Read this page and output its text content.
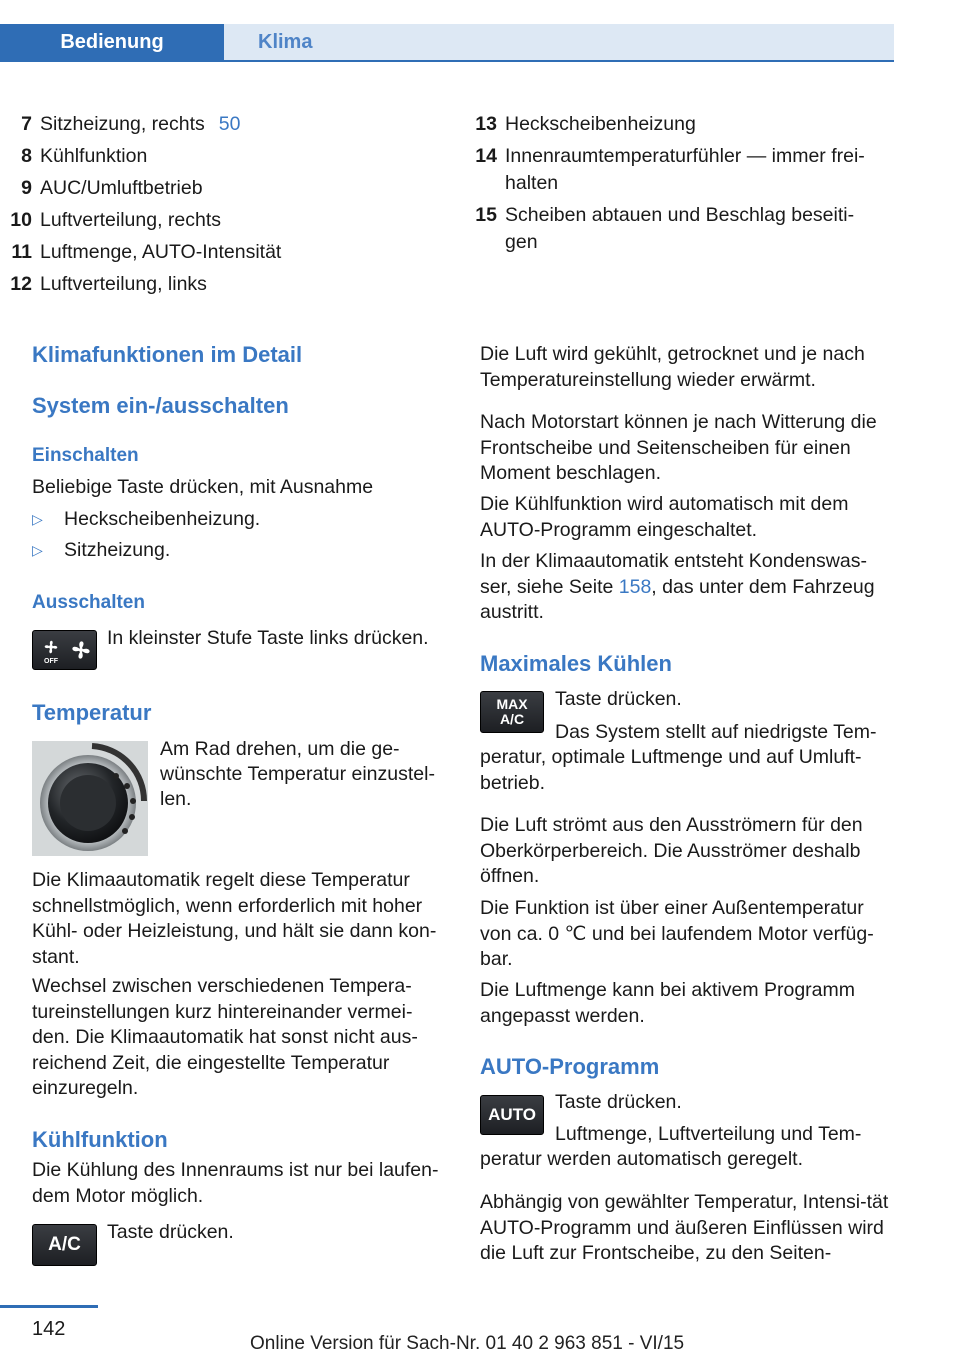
Bedienung	Klima
7 Sitzheizung, rechts 50
8 Kühlfunktion
9 AUC/Umluftbetrieb
10 Luftverteilung, rechts
11 Luftmenge, AUTO-Intensität
12 Luftverteilung, links
13 Heckscheibenheizung
14 Innenraumtemperaturfühler — immer frei-halten
15 Scheiben abtauen und Beschlag beseiti-gen
Klimafunktionen im Detail
System ein-/ausschalten
Einschalten
Beliebige Taste drücken, mit Ausnahme
▷	Heckscheibenheizung.
▷	Sitzheizung.
Ausschalten
OFF
In kleinster Stufe Taste links drücken.
Temperatur
Am Rad drehen, um die ge-
wünschte Temperatur einzustel-
len.
Die Klimaautomatik regelt diese Temperatur schnellstmöglich, wenn erforderlich mit hoher Kühl- oder Heizleistung, und hält sie dann kon-stant.
Wechsel zwischen verschiedenen Tempera-tureinstellungen kurz hintereinander vermei-den. Die Klimaautomatik hat sonst nicht aus-reichend Zeit, die eingestellte Temperatur einzuregeln.
Kühlfunktion
Die Kühlung des Innenraums ist nur bei laufen-dem Motor möglich.
A/C
Taste drücken.
Die Luft wird gekühlt, getrocknet und je nach Temperatureinstellung wieder erwärmt.
Nach Motorstart können je nach Witterung die Frontscheibe und Seitenscheiben für einen Moment beschlagen.
Die Kühlfunktion wird automatisch mit dem AUTO-Programm eingeschaltet.
In der Klimaautomatik entsteht Kondenswas-ser, siehe Seite 158, das unter dem Fahrzeug austritt.
Maximales Kühlen
MAX
A/C
Taste drücken.
Das System stellt auf niedrigste Tem-
peratur, optimale Luftmenge und auf Umluft-betrieb.
Die Luft strömt aus den Ausströmern für den Oberkörperbereich. Die Ausströmer deshalb öffnen.
Die Funktion ist über einer Außentemperatur von ca. 0 ℃ und bei laufendem Motor verfüg-bar.
Die Luftmenge kann bei aktivem Programm angepasst werden.
AUTO-Programm
AUTO
Taste drücken.
Luftmenge, Luftverteilung und Tem-
peratur werden automatisch geregelt.
Abhängig von gewählter Temperatur, Intensi-tät AUTO-Programm und äußeren Einflüssen wird die Luft zur Frontscheibe, zu den Seiten-
142
Online Version für Sach-Nr. 01 40 2 963 851 - VI/15
